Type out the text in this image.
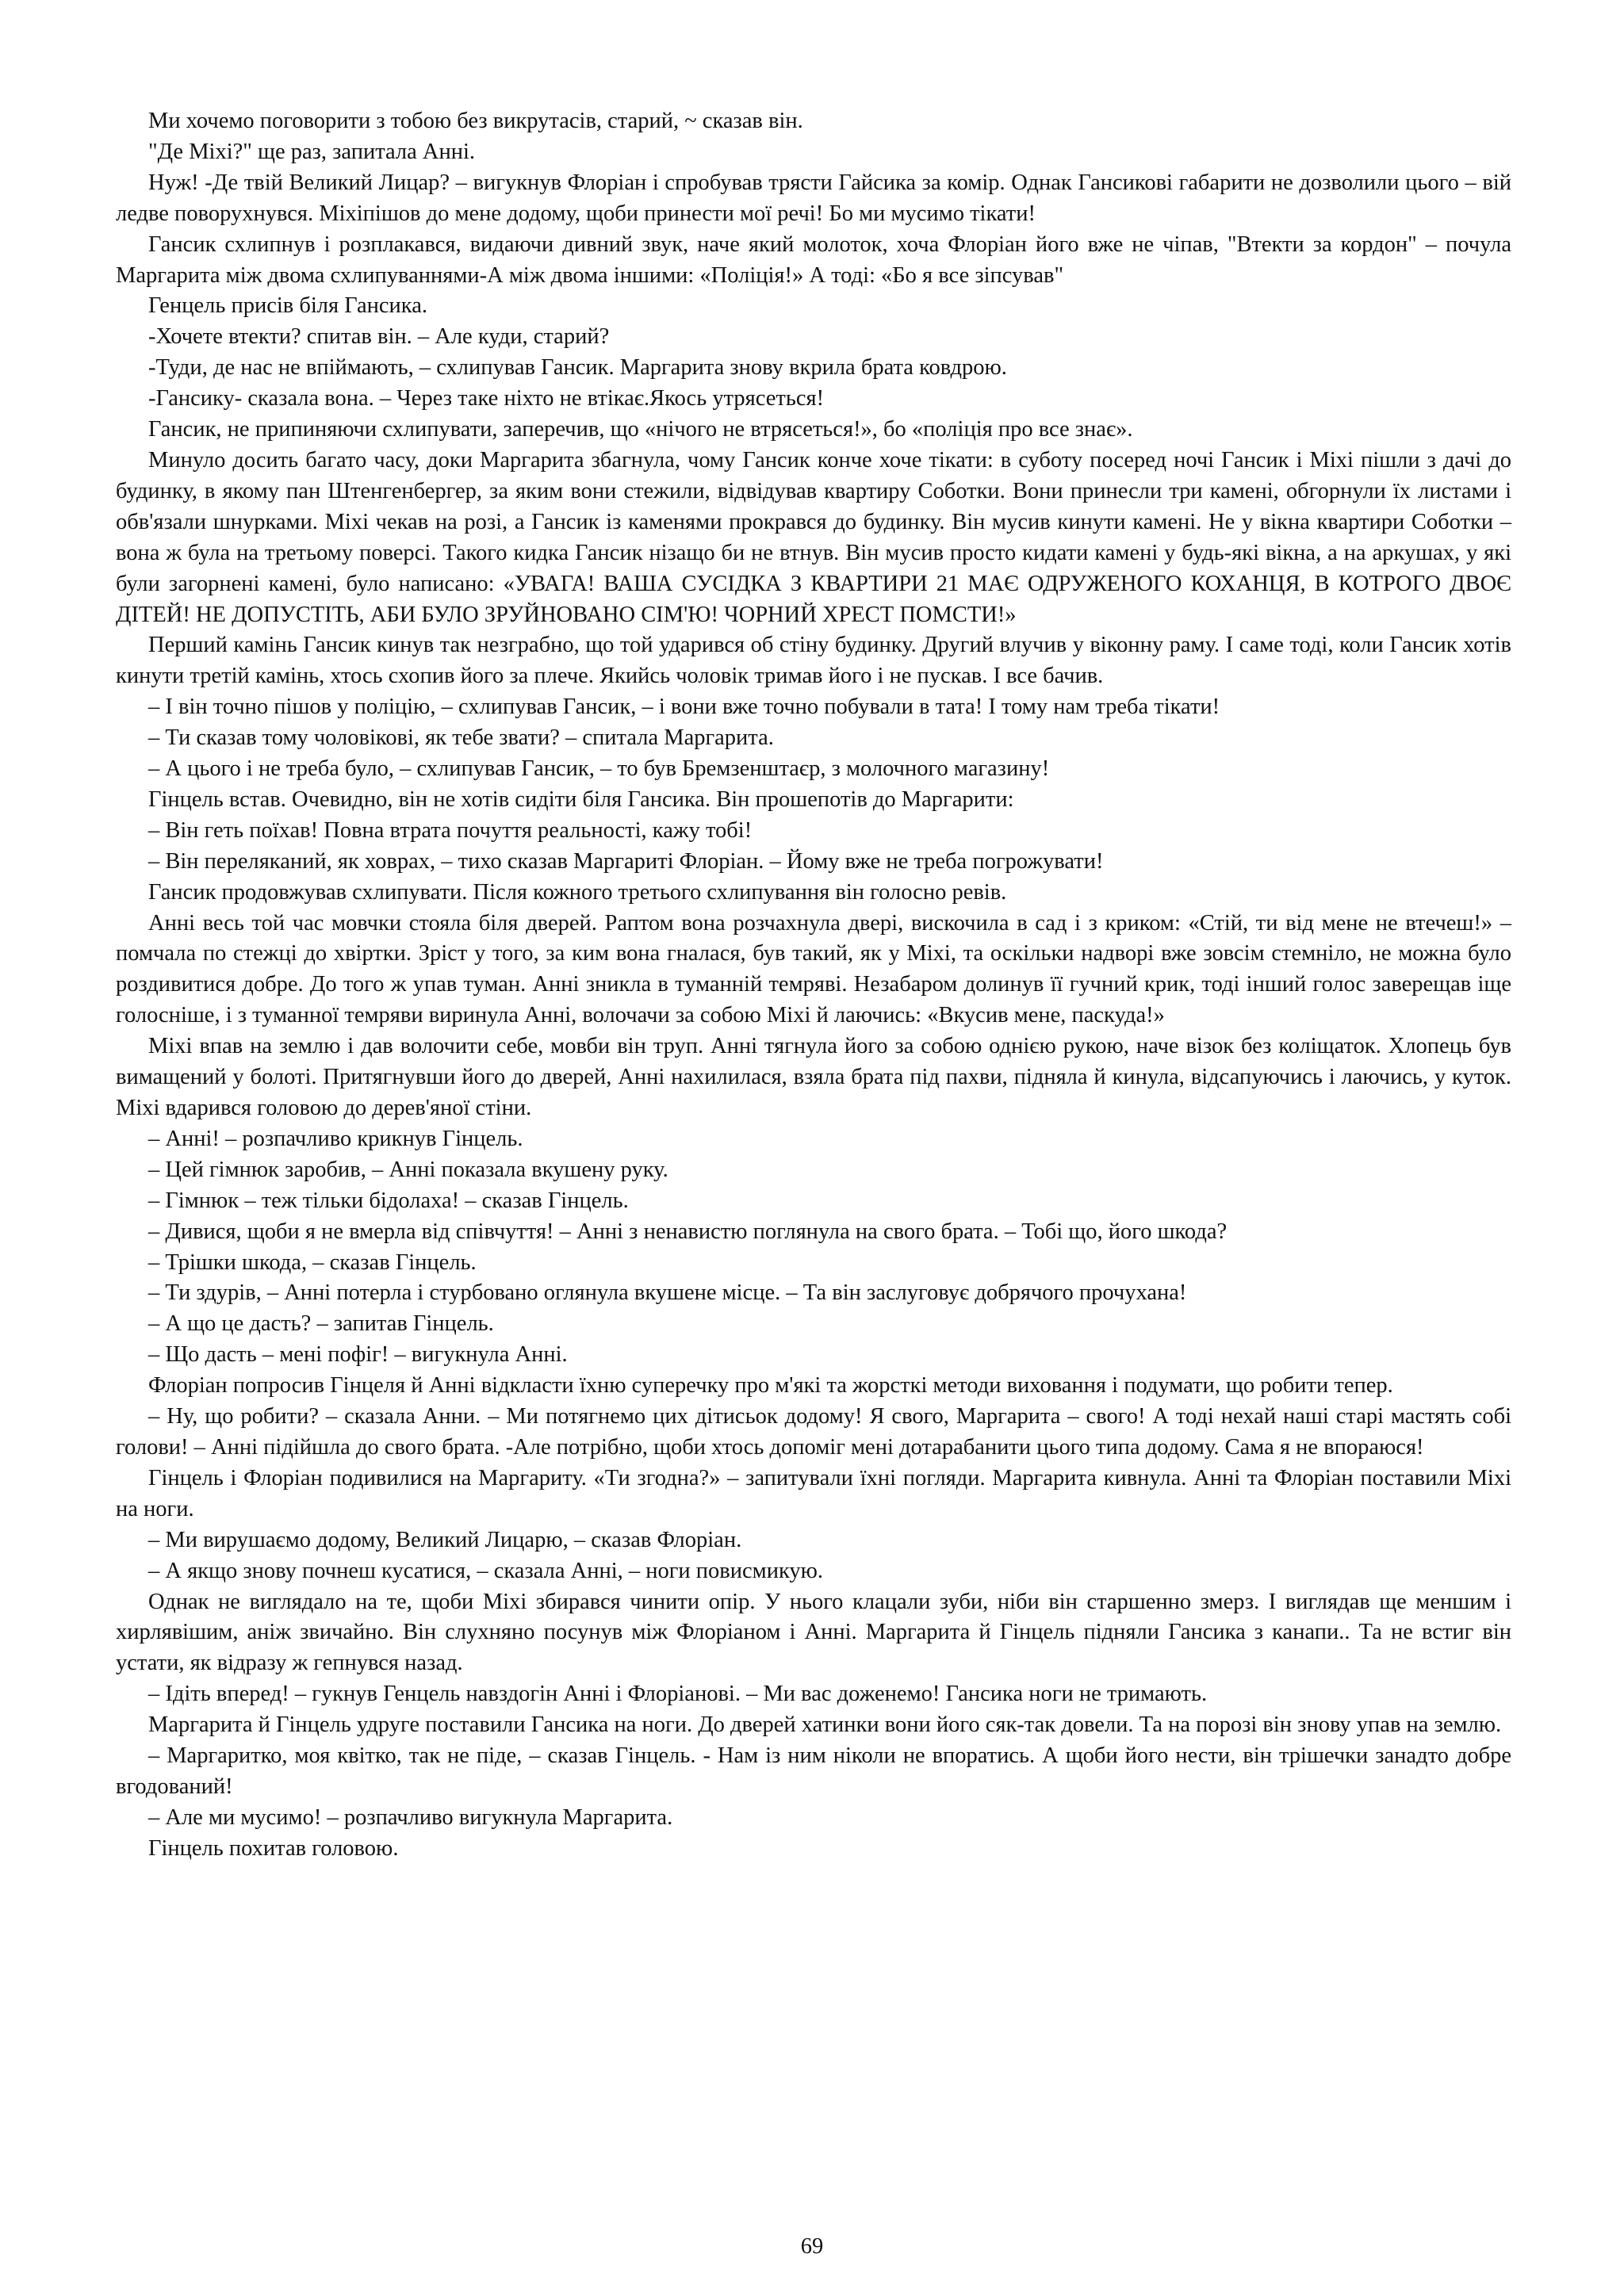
Ми хочемо поговорити з тобою без викрутасів, старий, ~ сказав він.

"Де Міхі?" ще раз, запитала Анні.

Нуж! -Де твій Великий Лицар? – вигукнув Флоріан і спробував трясти Гайсика за комір. Однак Гансикові габарити не дозволили цього – вій ледве поворухнувся. Міхіпішов до мене додому, щоби принести мої речі! Бо ми мусимо тікати!

Гансик схлипнув і розплакався, видаючи дивний звук, наче який молоток, хоча Флоріан його вже не чіпав, "Втекти за кордон" – почула Маргарита між двома схлипуваннями-А між двома іншими: «Поліція!» А тоді: «Бо я все зіпсував"

Генцель присів біля Гансика.

-Хочете втекти? спитав він. – Але куди, старий?

-Туди, де нас не впіймають, – схлипував Гансик. Маргарита знову вкрила брата ковдрою.

-Гансику- сказала вона. – Через таке ніхто не втікає.Якось утрясеться!

Гансик, не припиняючи схлипувати, заперечив, що «нічого не втрясеться!», бо «поліція про все знає».

Минуло досить багато часу, доки Маргарита збагнула, чому Гансик конче хоче тікати: в суботу посеред ночі Гансик і Міхі пішли з дачі до будинку, в якому пан Штенгенбергер, за яким вони стежили, відвідував квартиру Соботки. Вони принесли три камені, обгорнули їх листами і обв'язали шнурками. Міхі чекав на розі, а Гансик із каменями прокрався до будинку. Він мусив кинути камені. Не у вікна квартири Соботки – вона ж була на третьому поверсі. Такого кидка Гансик нізащо би не втнув. Він мусив просто кидати камені у будь-які вікна, а на аркушах, у які були загорнені камені, було написано: «УВАГА! ВАША СУСІДКА З КВАРТИРИ 21 МАЄ ОДРУЖЕНОГО КОХАНЦЯ, В КОТРОГО ДВОЄ ДІТЕЙ! НЕ ДОПУСТІТЬ, АБИ БУЛО ЗРУЙНОВАНО СІМ'Ю! ЧОРНИЙ ХРЕСТ ПОМСТИ!»

Перший камінь Гансик кинув так незграбно, що той ударився об стіну будинку. Другий влучив у віконну раму. І саме тоді, коли Гансик хотів кинути третій камінь, хтось схопив його за плече. Якийсь чоловік тримав його і не пускав. І все бачив.

– І він точно пішов у поліцію, – схлипував Гансик, – і вони вже точно побували в тата! І тому нам треба тікати!

– Ти сказав тому чоловікові, як тебе звати? – спитала Маргарита.

– А цього і не треба було, – схлипував Гансик, – то був Бремзенштаєр, з молочного магазину!

Гінцель встав. Очевидно, він не хотів сидіти біля Гансика. Він прошепотів до Маргарити:

– Він геть поїхав! Повна втрата почуття реальності, кажу тобі!

– Він переляканий, як ховрах, – тихо сказав Маргариті Флоріан. – Йому вже не треба погрожувати!

Гансик продовжував схлипувати. Після кожного третього схлипування він голосно ревів.

Анні весь той час мовчки стояла біля дверей. Раптом вона розчахнула двері, вискочила в сад і з криком: «Стій, ти від мене не втечеш!» – помчала по стежці до хвіртки. Зріст у того, за ким вона гналася, був такий, як у Міхі, та оскільки надворі вже зовсім стемніло, не можна було роздивитися добре. До того ж упав туман. Анні зникла в туманній темряві. Незабаром долинув її гучний крик, тоді інший голос заверещав іще голосніше, і з туманної темряви виринула Анні, волочачи за собою Міхі й лаючись: «Вкусив мене, паскуда!»

Міхі впав на землю і дав волочити себе, мовби він труп. Анні тягнула його за собою однією рукою, наче візок без коліщаток. Хлопець був вимащений у болоті. Притягнувши його до дверей, Анні нахилилася, взяла брата під пахви, підняла й кинула, відсапуючись і лаючись, у куток. Міхі вдарився головою до дерев'яної стіни.

– Анні! – розпачливо крикнув Гінцель.

– Цей гімнюк заробив, – Анні показала вкушену руку.

– Гімнюк – теж тільки бідолаха! – сказав Гінцель.

– Дивися, щоби я не вмерла від співчуття! – Анні з ненавистю поглянула на свого брата. – Тобі що, його шкода?

– Трішки шкода, – сказав Гінцель.

– Ти здурів, – Анні потерла і стурбовано оглянула вкушене місце. – Та він заслуговує добрячого прочухана!

– А що це дасть? – запитав Гінцель.

– Що дасть – мені пофіг! – вигукнула Анні.

Флоріан попросив Гінцеля й Анні відкласти їхню суперечку про м'які та жорсткі методи виховання і подумати, що робити тепер.

– Ну, що робити? – сказала Анни. – Ми потягнемо цих дітисьок додому! Я свого, Маргарита – свого! А тоді нехай наші старі мастять собі голови! – Анні підійшла до свого брата. -Але потрібно, щоби хтось допоміг мені дотарабанити цього типа додому. Сама я не впораюся!

Гінцель і Флоріан подивилися на Маргариту. «Ти згодна?» – запитували їхні погляди. Маргарита кивнула. Анні та Флоріан поставили Міхі на ноги.

– Ми вирушаємо додому, Великий Лицарю, – сказав Флоріан.

– А якщо знову почнеш кусатися, – сказала Анні, – ноги повисмикую.

Однак не виглядало на те, щоби Міхі збирався чинити опір. У нього клацали зуби, ніби він старшенно змерз. І виглядав ще меншим і хирлявішим, аніж звичайно. Він слухняно посунув між Флоріаном і Анні. Маргарита й Гінцель підняли Гансика з канапи.. Та не встиг він устати, як відразу ж гепнувся назад.

– Ідіть вперед! – гукнув Генцель навздогін Анні і Флоріанові. – Ми вас доженемо! Гансика ноги не тримають.

Маргарита й Гінцель удруге поставили Гансика на ноги. До дверей хатинки вони його сяк-так довели. Та на порозі він знову упав на землю.

– Маргаритко, моя квітко, так не піде, – сказав Гінцель. - Нам із ним ніколи не впоратись. А щоби його нести, він трішечки занадто добре вгодований!

– Але ми мусимо! – розпачливо вигукнула Маргарита.

Гінцель похитав головою.

69
